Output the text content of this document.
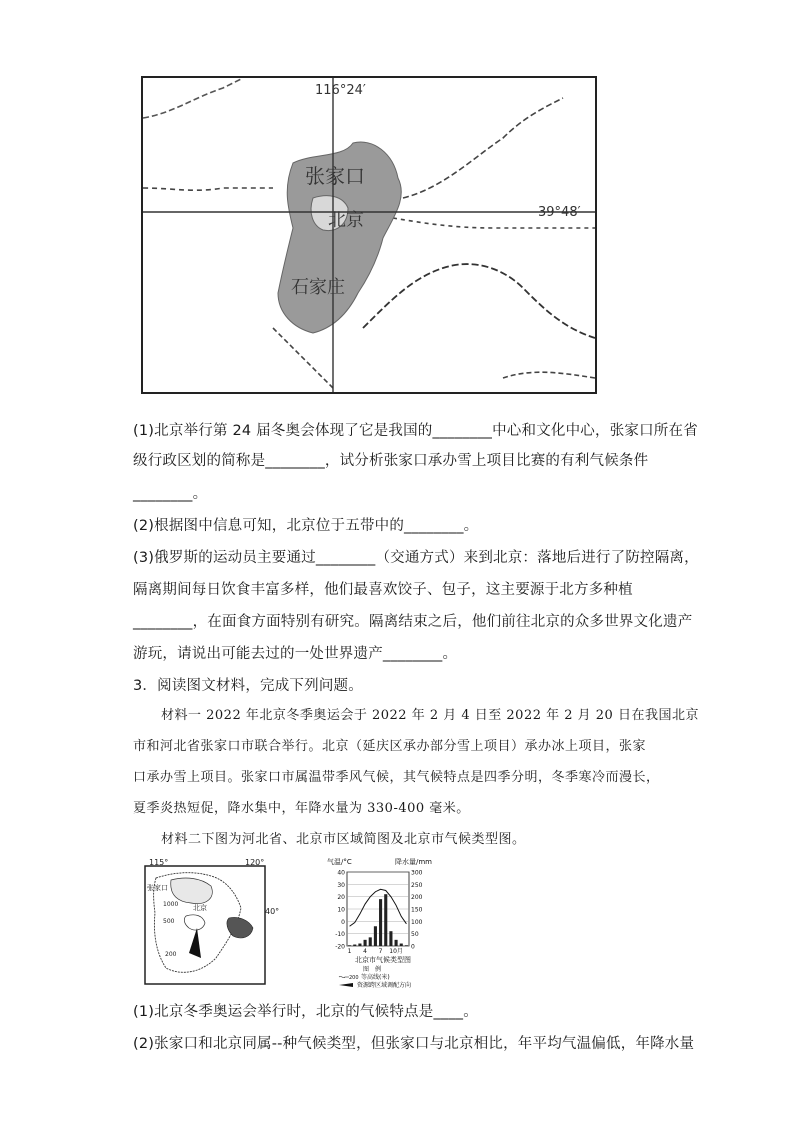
116°24′
39°48′
张家口
北京
石家庄
(1)北京举行第 24 届冬奥会体现了它是我国的________中心和文化中心，张家口所在省
级行政区划的简称是________，试分析张家口承办雪上项目比赛的有利气候条件
________。
(2)根据图中信息可知，北京位于五带中的________。
(3)俄罗斯的运动员主要通过________（交通方式）来到北京：落地后进行了防控隔离，
隔离期间每日饮食丰富多样，他们最喜欢饺子、包子，这主要源于北方多种植
________，在面食方面特别有研究。隔离结束之后，他们前往北京的众多世界文化遗产
游玩，请说出可能去过的一处世界遗产________。
3．阅读图文材料，完成下列问题。
材料一 2022 年北京冬季奥运会于 2022 年 2 月 4 日至 2022 年 2 月 20 日在我国北京
市和河北省张家口市联合举行。北京（延庆区承办部分雪上项目）承办冰上项目，张家
口承办雪上项目。张家口市属温带季风气候，其气候特点是四季分明，冬季寒冷而漫长，
夏季炎热短促，降水集中，年降水量为 330-400 毫米。
材料二下图为河北省、北京市区域简图及北京市气候类型图。
115°	120°
40°
张家口
北京
1000
500
200
气温/°C	降水量/mm
40
30
20
10
0
-10
-20
300
250
200
150
100
50
0
1 4 7 10月
北京市气候类型图
图　例
200 等高线(米)
资源跨区域调配方向
(1)北京冬季奥运会举行时，北京的气候特点是____。
(2)张家口和北京同属--种气候类型，但张家口与北京相比，年平均气温偏低，年降水量
